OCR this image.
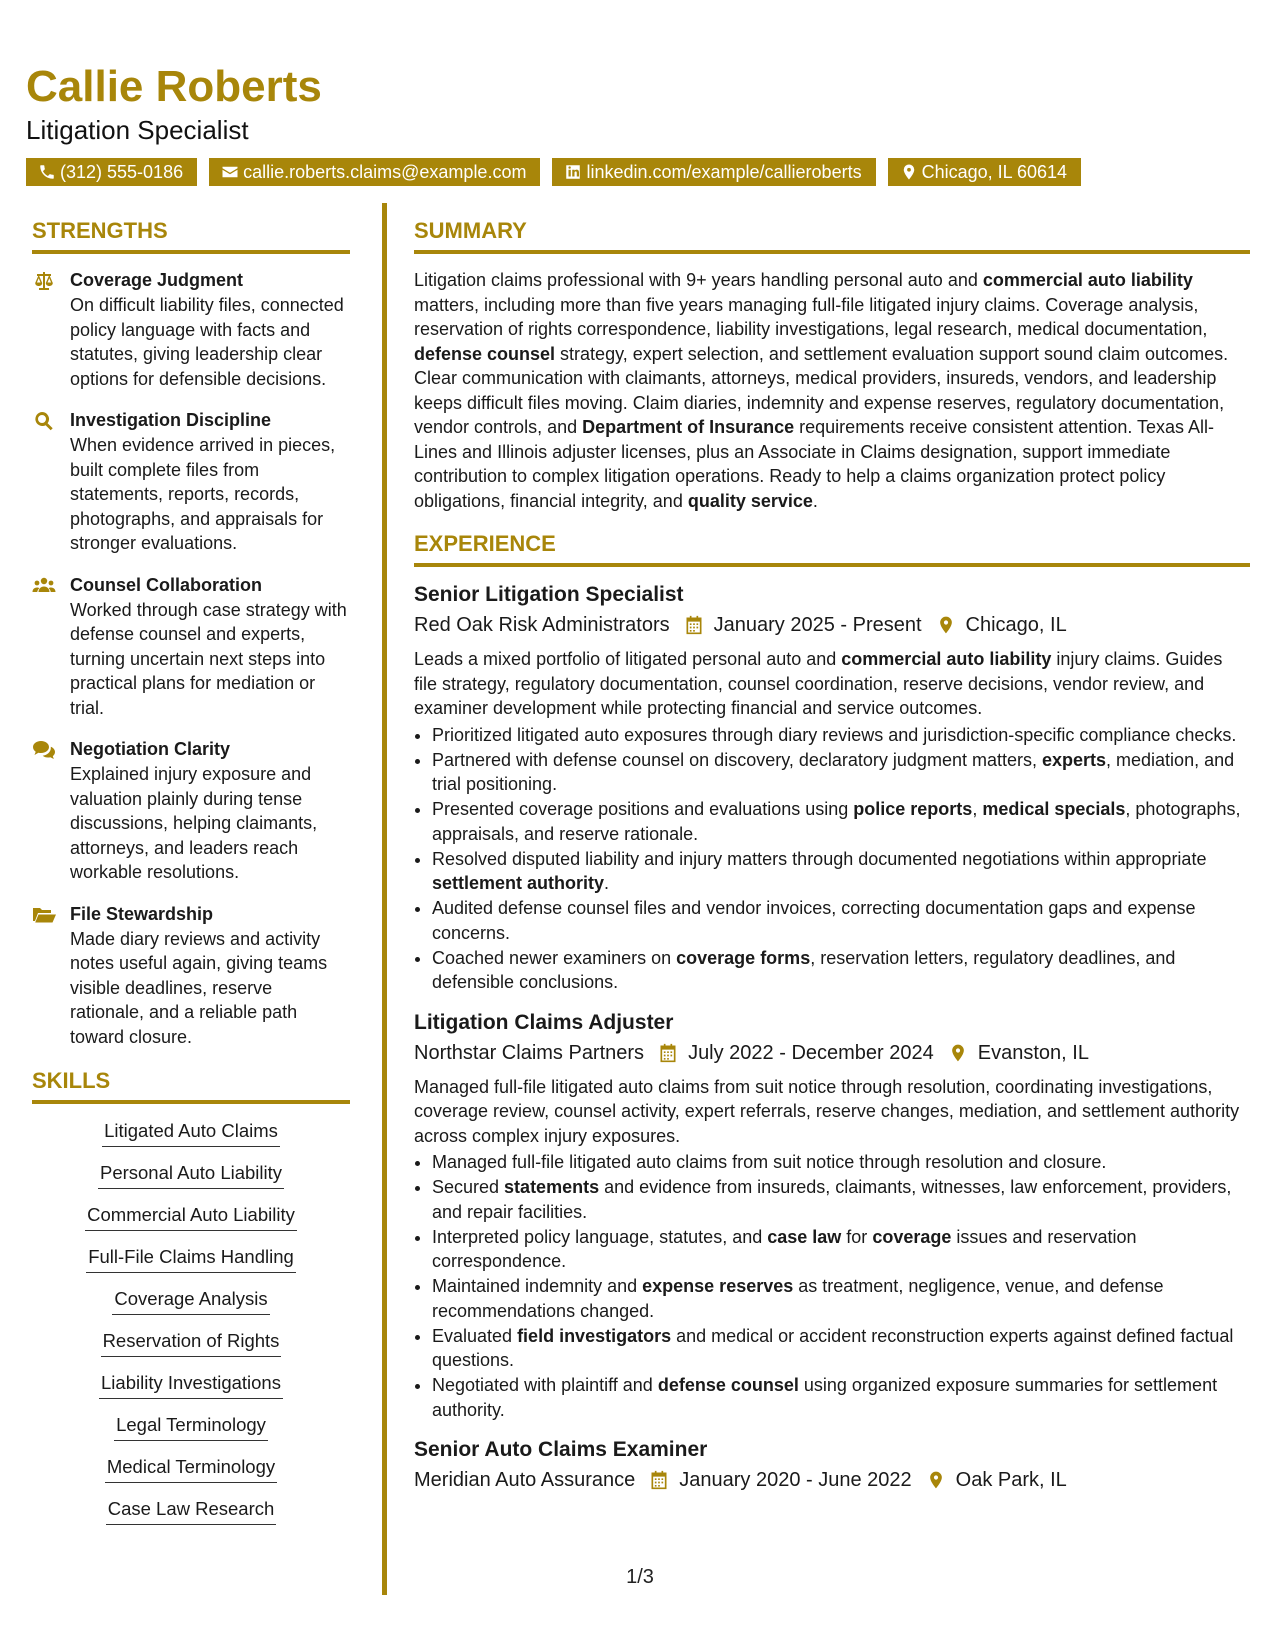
Callie Roberts

Litigation Specialist

(312) 555-0186	callie.roberts.claims@example.com	linkedin.com/example/callieroberts	Chicago, IL 60614
STRENGTHS
Coverage Judgment
On difficult liability files, connected policy language with facts and statutes, giving leadership clear options for defensible decisions.
Investigation Discipline
When evidence arrived in pieces, built complete files from statements, reports, records, photographs, and appraisals for stronger evaluations.
Counsel Collaboration
Worked through case strategy with defense counsel and experts, turning uncertain next steps into practical plans for mediation or trial.
Negotiation Clarity
Explained injury exposure and valuation plainly during tense discussions, helping claimants, attorneys, and leaders reach workable resolutions.
File Stewardship
Made diary reviews and activity notes useful again, giving teams visible deadlines, reserve rationale, and a reliable path toward closure.
SKILLS
Litigated Auto Claims
Personal Auto Liability
Commercial Auto Liability
Full-File Claims Handling
Coverage Analysis
Reservation of Rights
Liability Investigations
Legal Terminology
Medical Terminology
Case Law Research
SUMMARY

Litigation claims professional with 9+ years handling personal auto and commercial auto liability matters, including more than five years managing full-file litigated injury claims. Coverage analysis, reservation of rights correspondence, liability investigations, legal research, medical documentation, defense counsel strategy, expert selection, and settlement evaluation support sound claim outcomes. Clear communication with claimants, attorneys, medical providers, insureds, vendors, and leadership keeps difficult files moving. Claim diaries, indemnity and expense reserves, regulatory documentation, vendor controls, and Department of Insurance requirements receive consistent attention. Texas All-Lines and Illinois adjuster licenses, plus an Associate in Claims designation, support immediate contribution to complex litigation operations. Ready to help a claims organization protect policy obligations, financial integrity, and quality service.

EXPERIENCE

Senior Litigation Specialist

Red Oak Risk Administrators January 2025 - Present Chicago, IL

Leads a mixed portfolio of litigated personal auto and commercial auto liability injury claims. Guides file strategy, regulatory documentation, counsel coordination, reserve decisions, vendor review, and examiner development while protecting financial and service outcomes.

• Prioritized litigated auto exposures through diary reviews and jurisdiction-specific compliance checks.
• Partnered with defense counsel on discovery, declaratory judgment matters, experts, mediation, and trial positioning.
• Presented coverage positions and evaluations using police reports, medical specials, photographs, appraisals, and reserve rationale.
• Resolved disputed liability and injury matters through documented negotiations within appropriate settlement authority.
• Audited defense counsel files and vendor invoices, correcting documentation gaps and expense concerns.
• Coached newer examiners on coverage forms, reservation letters, regulatory deadlines, and defensible conclusions.

Litigation Claims Adjuster

Northstar Claims Partners July 2022 - December 2024 Evanston, IL

Managed full-file litigated auto claims from suit notice through resolution, coordinating investigations, coverage review, counsel activity, expert referrals, reserve changes, mediation, and settlement authority across complex injury exposures.

• Managed full-file litigated auto claims from suit notice through resolution and closure.
• Secured statements and evidence from insureds, claimants, witnesses, law enforcement, providers, and repair facilities.
• Interpreted policy language, statutes, and case law for coverage issues and reservation correspondence.
• Maintained indemnity and expense reserves as treatment, negligence, venue, and defense recommendations changed.
• Evaluated field investigators and medical or accident reconstruction experts against defined factual questions.
• Negotiated with plaintiff and defense counsel using organized exposure summaries for settlement authority.

Senior Auto Claims Examiner

Meridian Auto Assurance January 2020 - June 2022 Oak Park, IL
1/3
